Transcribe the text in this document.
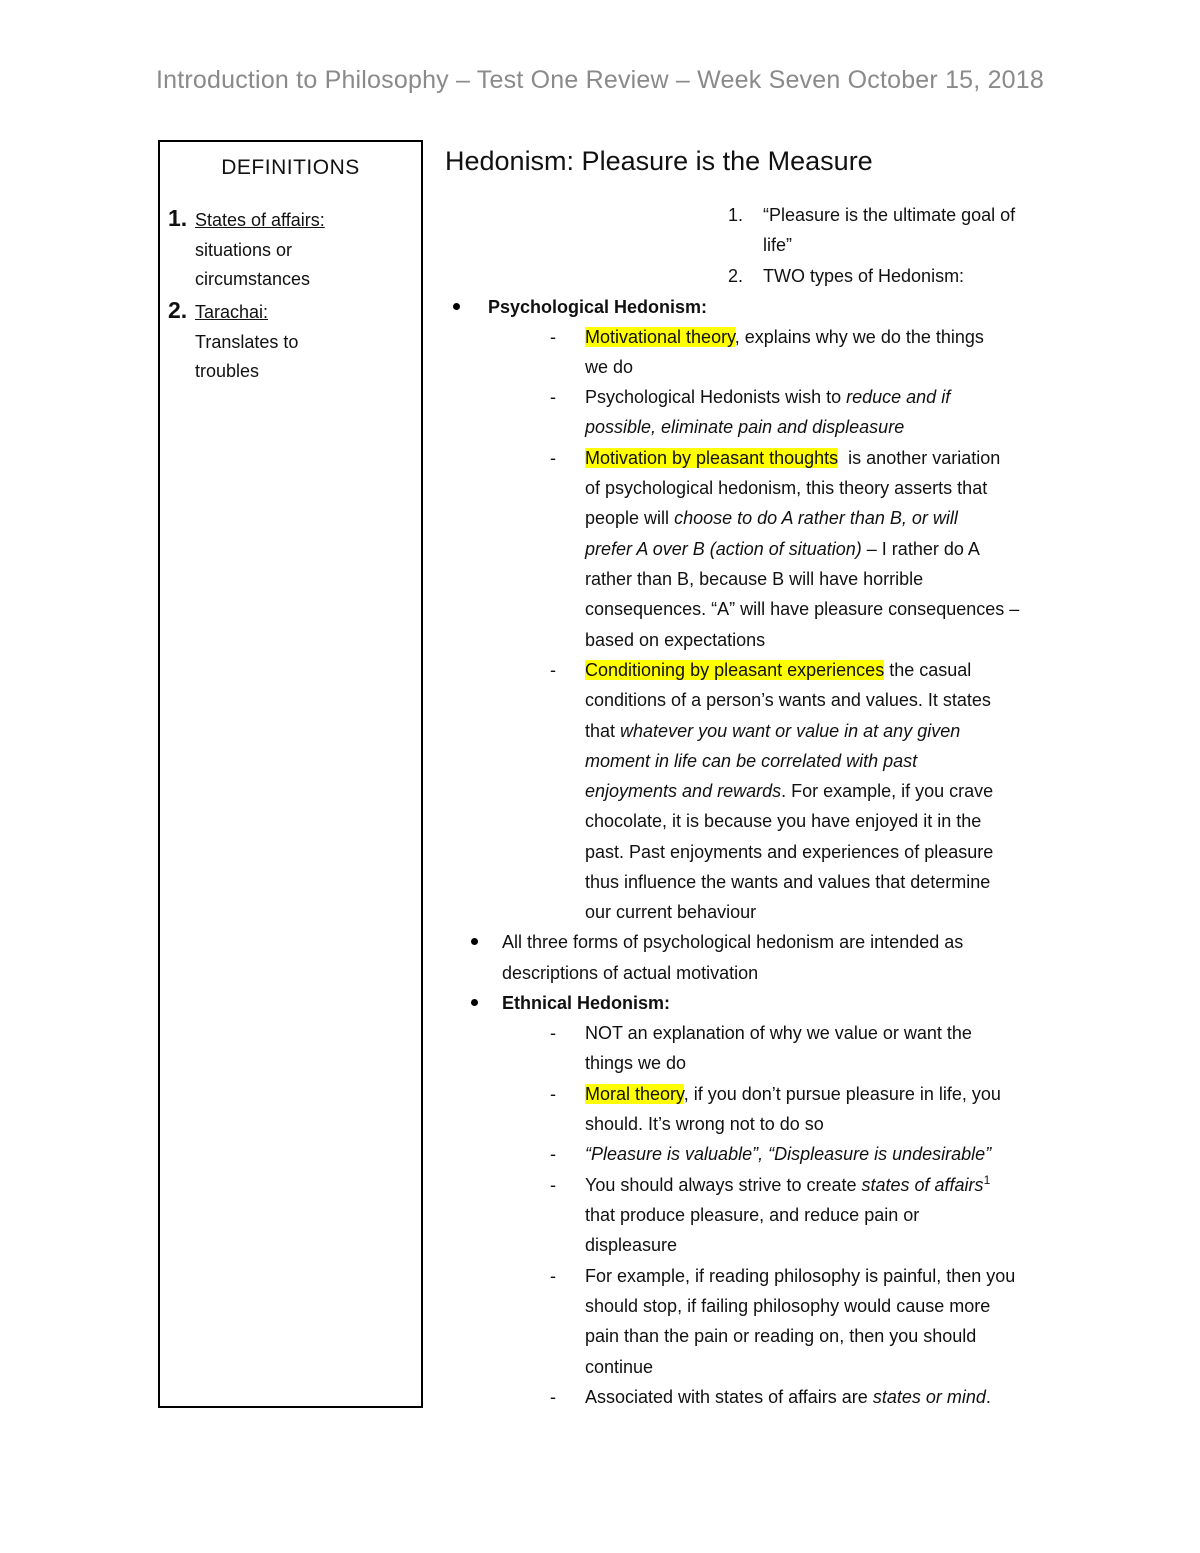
Introduction to Philosophy – Test One Review – Week Seven October 15, 2018
DEFINITIONS
1. States of affairs:
situations or
circumstances
2. Tarachai:
Translates to
troubles
Hedonism: Pleasure is the Measure
1. “Pleasure is the ultimate goal of
life”
2. TWO types of Hedonism:
Psychological Hedonism:
- Motivational theory, explains why we do the things
we do
- Psychological Hedonists wish to reduce and if
possible, eliminate pain and displeasure
- Motivation by pleasant thoughts  is another variation
of psychological hedonism, this theory asserts that
people will choose to do A rather than B, or will
prefer A over B (action of situation) – I rather do A
rather than B, because B will have horrible
consequences. “A” will have pleasure consequences –
based on expectations
- Conditioning by pleasant experiences the casual
conditions of a person’s wants and values. It states
that whatever you want or value in at any given
moment in life can be correlated with past
enjoyments and rewards. For example, if you crave
chocolate, it is because you have enjoyed it in the
past. Past enjoyments and experiences of pleasure
thus influence the wants and values that determine
our current behaviour
All three forms of psychological hedonism are intended as
descriptions of actual motivation
Ethnical Hedonism:
- NOT an explanation of why we value or want the
things we do
- Moral theory, if you don’t pursue pleasure in life, you
should. It’s wrong not to do so
- “Pleasure is valuable”, “Displeasure is undesirable”
- You should always strive to create states of affairs$^1$
that produce pleasure, and reduce pain or
displeasure
- For example, if reading philosophy is painful, then you
should stop, if failing philosophy would cause more
pain than the pain or reading on, then you should
continue
- Associated with states of affairs are states or mind.
